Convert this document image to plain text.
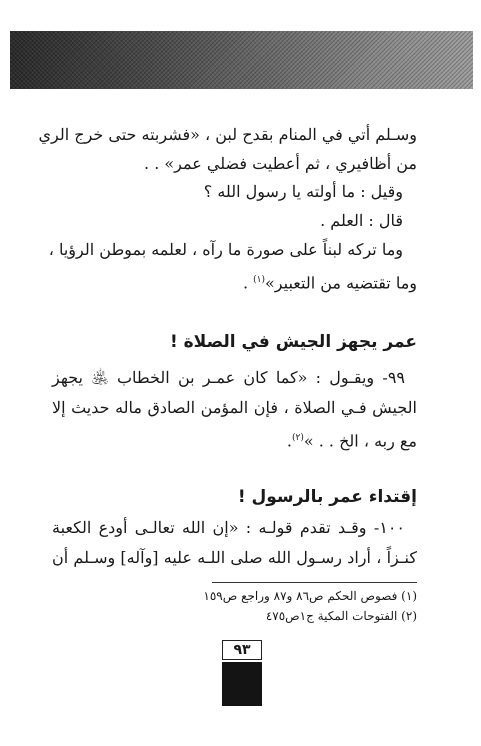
وسـلم أتي في المنام بقدح لبن ، «فشربته حتى خرج الري
من أظافيري ، ثم أعطيت فضلي عمر» . .
وقيل : ما أولته يا رسول الله ؟
قال : العلم .
وما تركه لبناً على صورة ما رآه ، لعلمه بموطن الرؤيا ،
وما تقتضيه من التعبير»$^{(١)}$ .
عمر يجهز الجيش في الصلاة !
٩٩- ويقـول : «كما كان عمـر بن الخطاب ﵁ يجهز
الجيش فـي الصلاة ، فإن المؤمن الصادق ماله حديث إلا
مع ربه ، الخ . . »$^{(٢)}$.
إقتداء عمر بالرسول !
١٠٠- وقـد تقدم قولـه : «إن الله تعالـى أودع الكعبة
كنـزاً ، أراد رسـول الله صلى اللـه عليه [وآله] وسـلم أن
(١) فصوص الحكم ص٨٦ و٨٧ وراجع ص١٥٩
(٢) الفتوحات المكية ج١ص٤٧٥
٩٣
